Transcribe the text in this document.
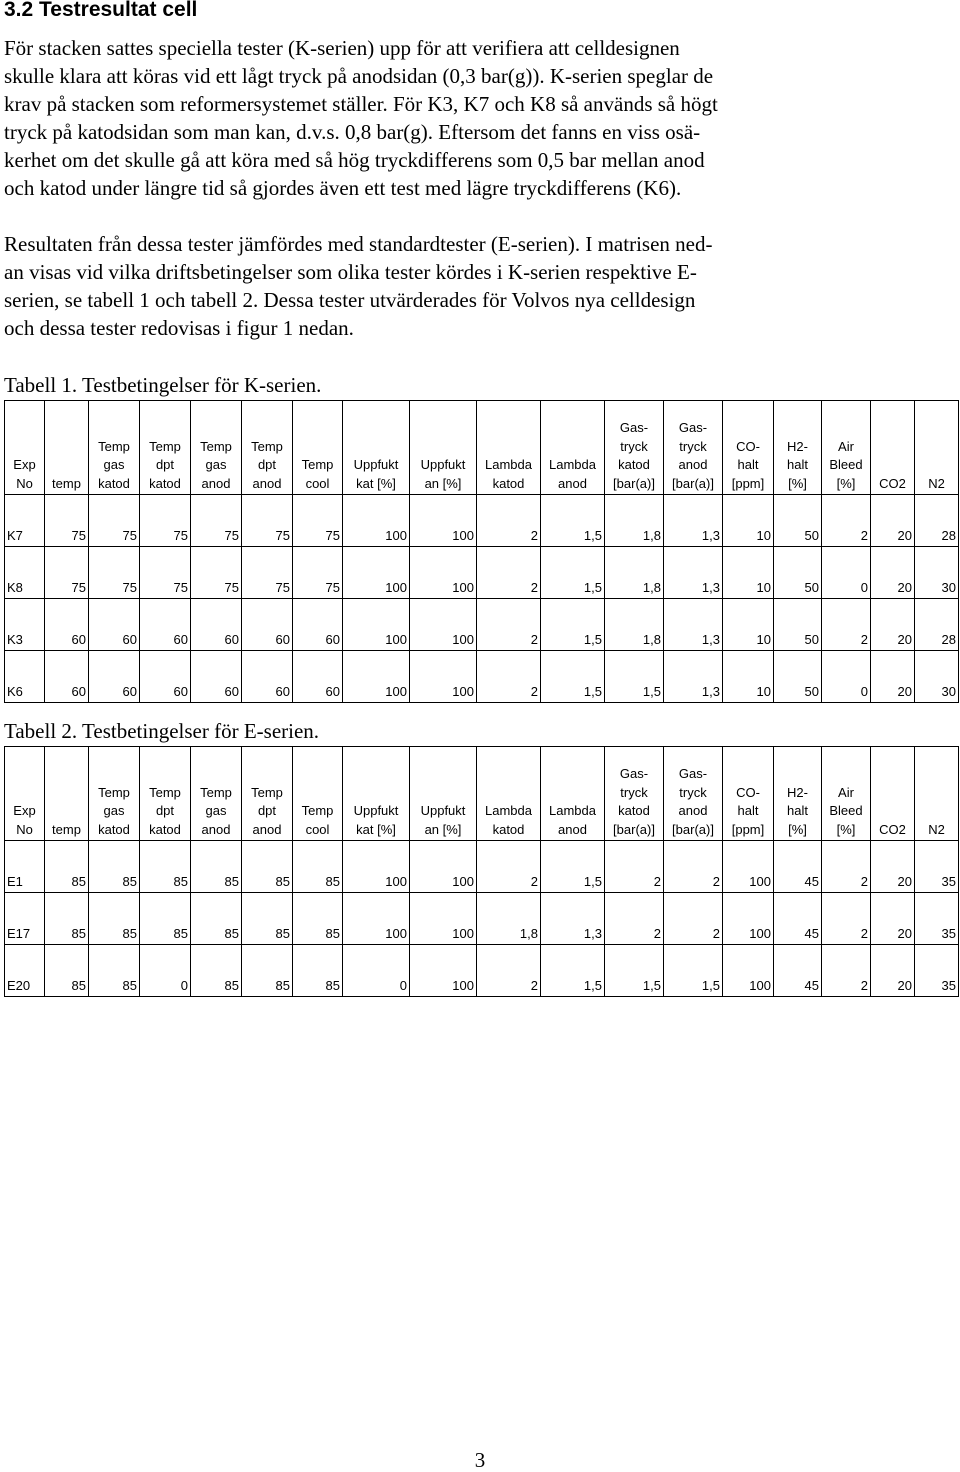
3.2 Testresultat cell

För stacken sattes speciella tester (K-serien) upp för att verifiera att celldesignen
skulle klara att köras vid ett lågt tryck på anodsidan (0,3 bar(g)). K-serien speglar de
krav på stacken som reformersystemet ställer. För K3, K7 och K8 så används så högt
tryck på katodsidan som man kan, d.v.s. 0,8 bar(g). Eftersom det fanns en viss osä-
kerhet om det skulle gå att köra med så hög tryckdifferens som 0,5 bar mellan anod
och katod under längre tid så gjordes även ett test med lägre tryckdifferens (K6).

Resultaten från dessa tester jämfördes med standardtester (E-serien). I matrisen ned-
an visas vid vilka driftsbetingelser som olika tester kördes i K-serien respektive E-
serien, se tabell 1 och tabell 2. Dessa tester utvärderades för Volvos nya celldesign
och dessa tester redovisas i figur 1 nedan.

Tabell 1. Testbetingelser för K-serien.

Exp
No	temp	Temp
gas
katod	Temp
dpt
katod	Temp
gas
anod	Temp
dpt
anod	Temp
cool	Uppfukt
kat [%]	Uppfukt
an [%]	Lambda
katod	Lambda
anod	Gas-
tryck
katod
[bar(a)]	Gas-
tryck
anod
[bar(a)]	CO-
halt
[ppm]	H2-
halt
[%]	Air
Bleed
[%]	CO2	N2

K7	75	75	75	75	75	75	100	100	2	1,5	1,8	1,3	10	50	2	20	28
K8	75	75	75	75	75	75	100	100	2	1,5	1,8	1,3	10	50	0	20	30
K3	60	60	60	60	60	60	100	100	2	1,5	1,8	1,3	10	50	2	20	28
K6	60	60	60	60	60	60	100	100	2	1,5	1,5	1,3	10	50	0	20	30

Tabell 2. Testbetingelser för E-serien.

Exp
No	temp	Temp
gas
katod	Temp
dpt
katod	Temp
gas
anod	Temp
dpt
anod	Temp
cool	Uppfukt
kat [%]	Uppfukt
an [%]	Lambda
katod	Lambda
anod	Gas-
tryck
katod
[bar(a)]	Gas-
tryck
anod
[bar(a)]	CO-
halt
[ppm]	H2-
halt
[%]	Air
Bleed
[%]	CO2	N2

E1	85	85	85	85	85	85	100	100	2	1,5	2	2	100	45	2	20	35
E17	85	85	85	85	85	85	100	100	1,8	1,3	2	2	100	45	2	20	35
E20	85	85	0	85	85	85	0	100	2	1,5	1,5	1,5	100	45	2	20	35

3
